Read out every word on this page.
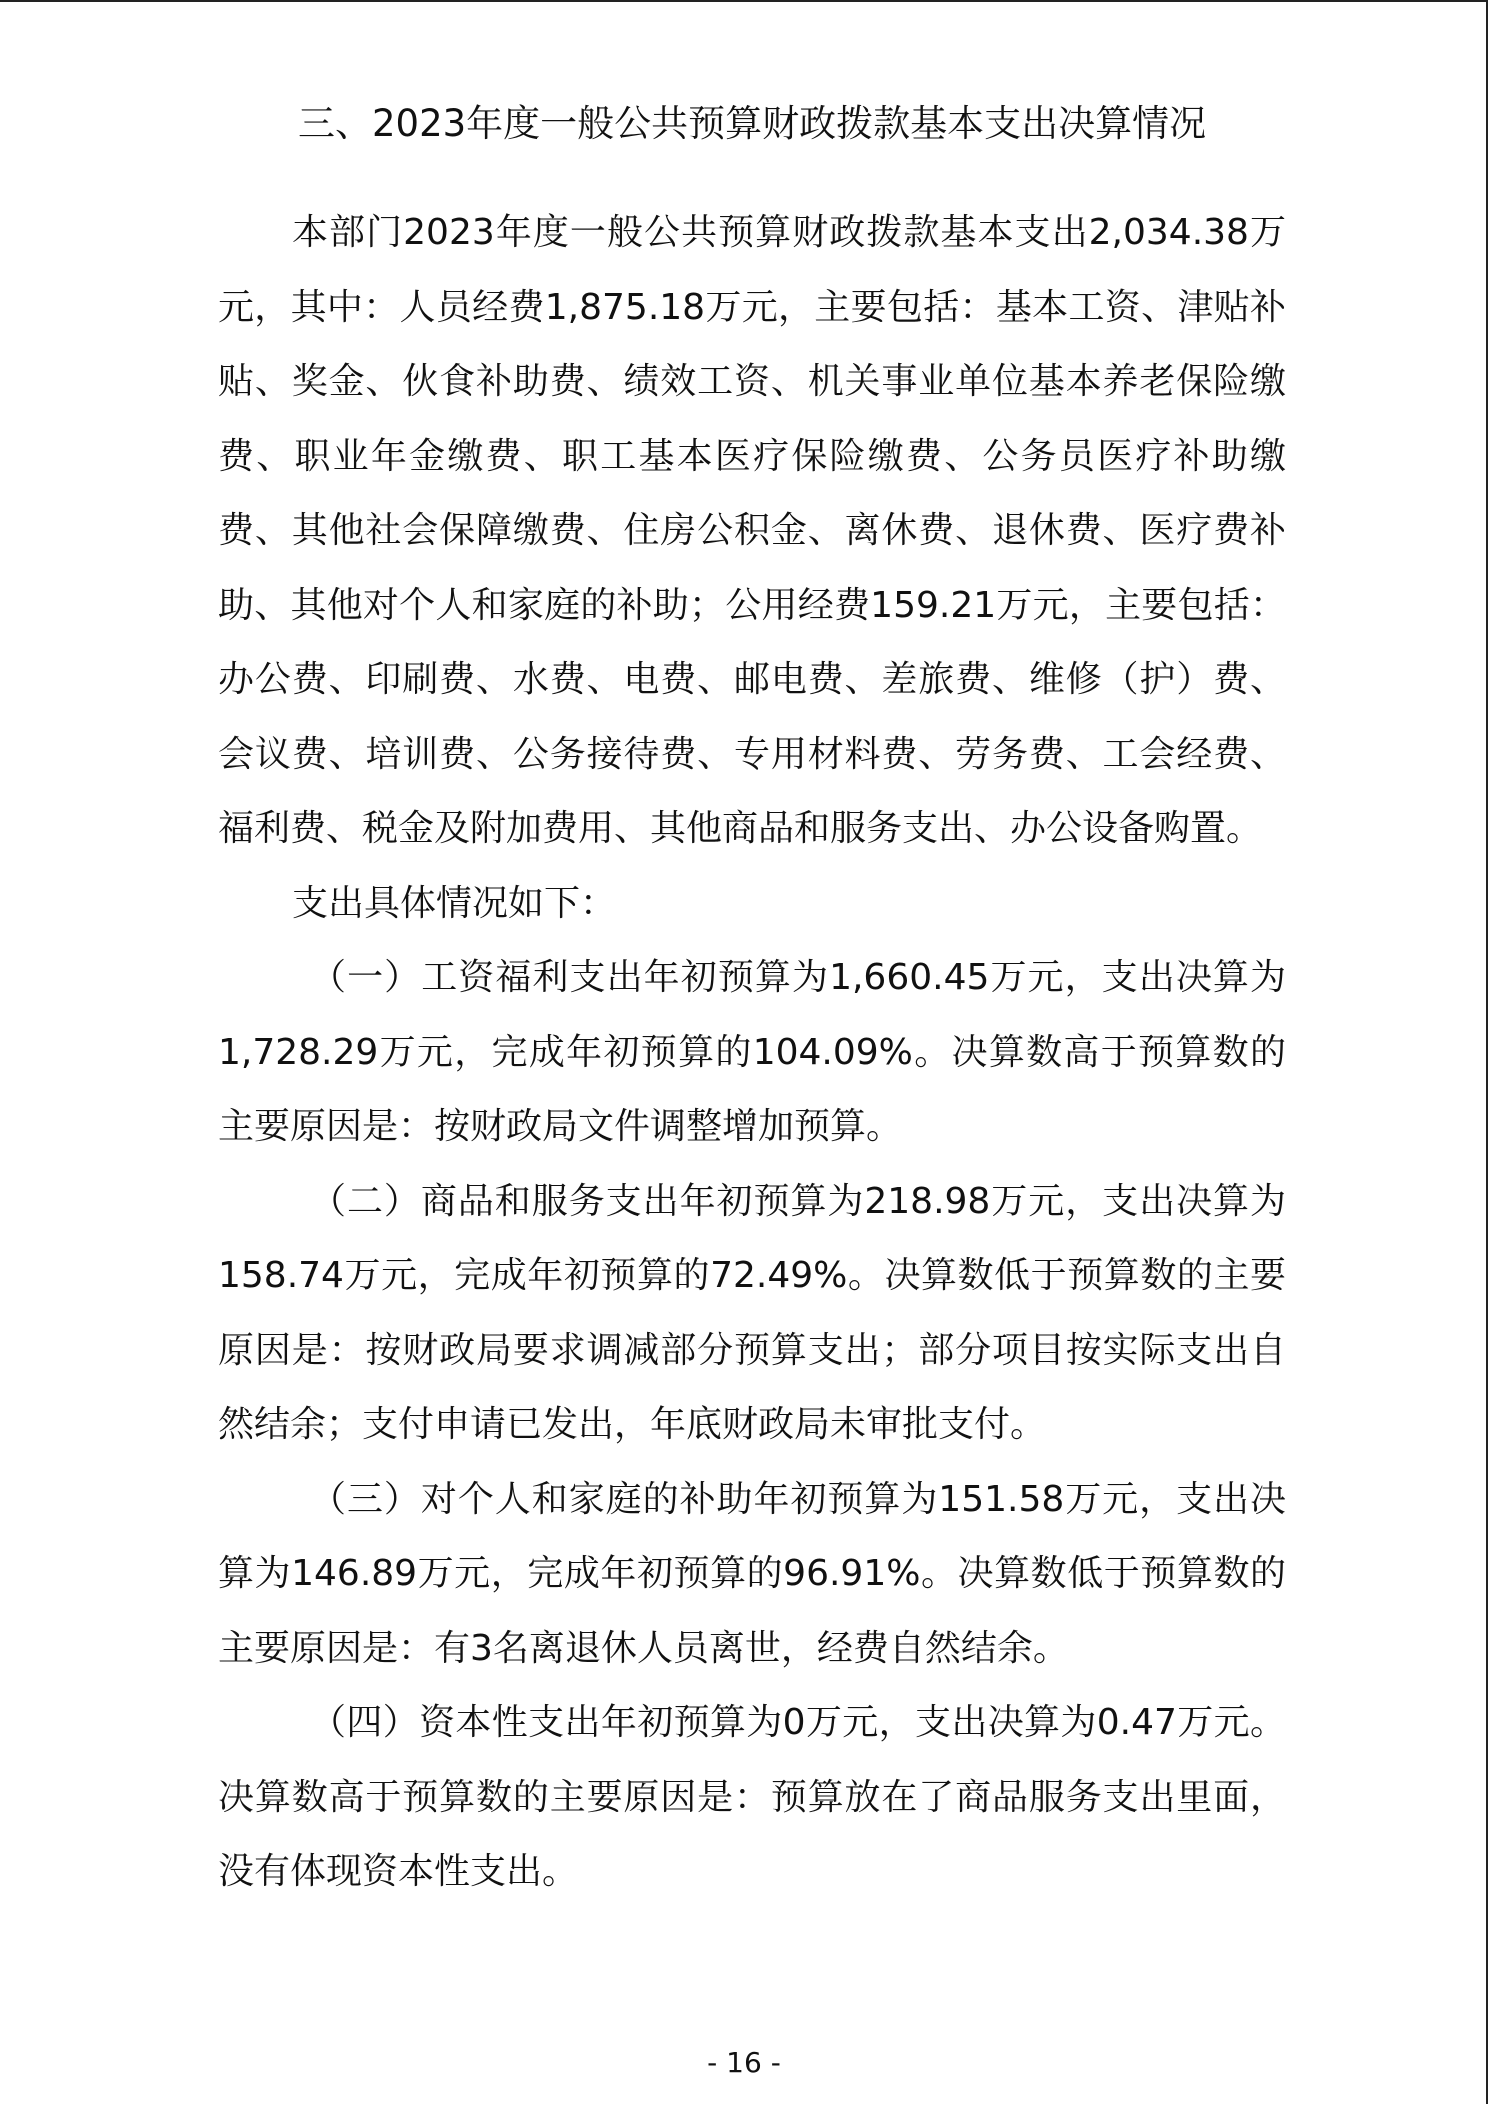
三、2023年度一般公共预算财政拨款基本支出决算情况

本部门2023年度一般公共预算财政拨款基本支出2,034.38万元，其中：人员经费1,875.18万元，主要包括：基本工资、津贴补贴、奖金、伙食补助费、绩效工资、机关事业单位基本养老保险缴费、职业年金缴费、职工基本医疗保险缴费、公务员医疗补助缴费、其他社会保障缴费、住房公积金、离休费、退休费、医疗费补助、其他对个人和家庭的补助；公用经费159.21万元，主要包括：办公费、印刷费、水费、电费、邮电费、差旅费、维修（护）费、会议费、培训费、公务接待费、专用材料费、劳务费、工会经费、福利费、税金及附加费用、其他商品和服务支出、办公设备购置。

支出具体情况如下：

（一）工资福利支出年初预算为1,660.45万元，支出决算为1,728.29万元，完成年初预算的104.09%。决算数高于预算数的主要原因是：按财政局文件调整增加预算。

（二）商品和服务支出年初预算为218.98万元，支出决算为158.74万元，完成年初预算的72.49%。决算数低于预算数的主要原因是：按财政局要求调减部分预算支出；部分项目按实际支出自然结余；支付申请已发出，年底财政局未审批支付。

（三）对个人和家庭的补助年初预算为151.58万元，支出决算为146.89万元，完成年初预算的96.91%。决算数低于预算数的主要原因是：有3名离退休人员离世，经费自然结余。

（四）资本性支出年初预算为0万元，支出决算为0.47万元。决算数高于预算数的主要原因是：预算放在了商品服务支出里面，没有体现资本性支出。

- 16 -
